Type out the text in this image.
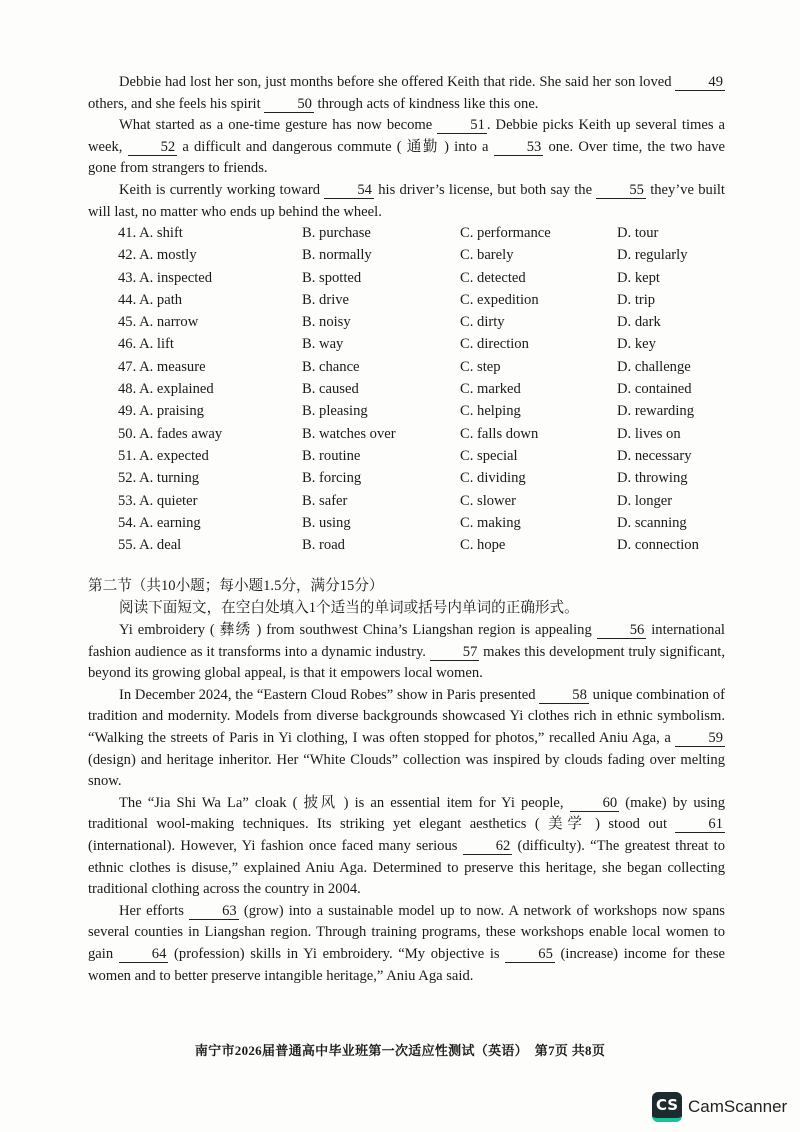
Debbie had lost her son, just months before she offered Keith that ride. She said her son loved 49 others, and she feels his spirit 50 through acts of kindness like this one.

What started as a one-time gesture has now become 51 . Debbie picks Keith up several times a week, 52 a difficult and dangerous commute ( 通勤 ) into a 53 one. Over time, the two have gone from strangers to friends.

Keith is currently working toward 54 his driver’s license, but both say the 55 they’ve built will last, no matter who ends up behind the wheel.

41. A. shift	B. purchase	C. performance	D. tour
42. A. mostly	B. normally	C. barely	D. regularly
43. A. inspected	B. spotted	C. detected	D. kept
44. A. path	B. drive	C. expedition	D. trip
45. A. narrow	B. noisy	C. dirty	D. dark
46. A. lift	B. way	C. direction	D. key
47. A. measure	B. chance	C. step	D. challenge
48. A. explained	B. caused	C. marked	D. contained
49. A. praising	B. pleasing	C. helping	D. rewarding
50. A. fades away	B. watches over	C. falls down	D. lives on
51. A. expected	B. routine	C. special	D. necessary
52. A. turning	B. forcing	C. dividing	D. throwing
53. A. quieter	B. safer	C. slower	D. longer
54. A. earning	B. using	C. making	D. scanning
55. A. deal	B. road	C. hope	D. connection
第二节（共10小题；每小题1.5分，满分15分）
阅读下面短文，在空白处填入1个适当的单词或括号内单词的正确形式。

Yi embroidery ( 彝绣 ) from southwest China’s Liangshan region is appealing 56 international fashion audience as it transforms into a dynamic industry. 57 makes this development truly significant, beyond its growing global appeal, is that it empowers local women.

In December 2024, the “Eastern Cloud Robes” show in Paris presented 58 unique combination of tradition and modernity. Models from diverse backgrounds showcased Yi clothes rich in ethnic symbolism. “Walking the streets of Paris in Yi clothing, I was often stopped for photos,” recalled Aniu Aga, a 59 (design) and heritage inheritor. Her “White Clouds” collection was inspired by clouds fading over melting snow.

The “Jia Shi Wa La” cloak ( 披风 ) is an essential item for Yi people, 60 (make) by using traditional wool-making techniques. Its striking yet elegant aesthetics ( 美学 ) stood out 61 (international). However, Yi fashion once faced many serious 62 (difficulty). “The greatest threat to ethnic clothes is disuse,” explained Aniu Aga. Determined to preserve this heritage, she began collecting traditional clothing across the country in 2004.

Her efforts 63 (grow) into a sustainable model up to now. A network of workshops now spans several counties in Liangshan region. Through training programs, these workshops enable local women to gain 64 (profession) skills in Yi embroidery. “My objective is 65 (increase) income for these women and to better preserve intangible heritage,” Aniu Aga said.

南宁市2026届普通高中毕业班第一次适应性测试（英语）　第7页 共8页
CS CamScanner
